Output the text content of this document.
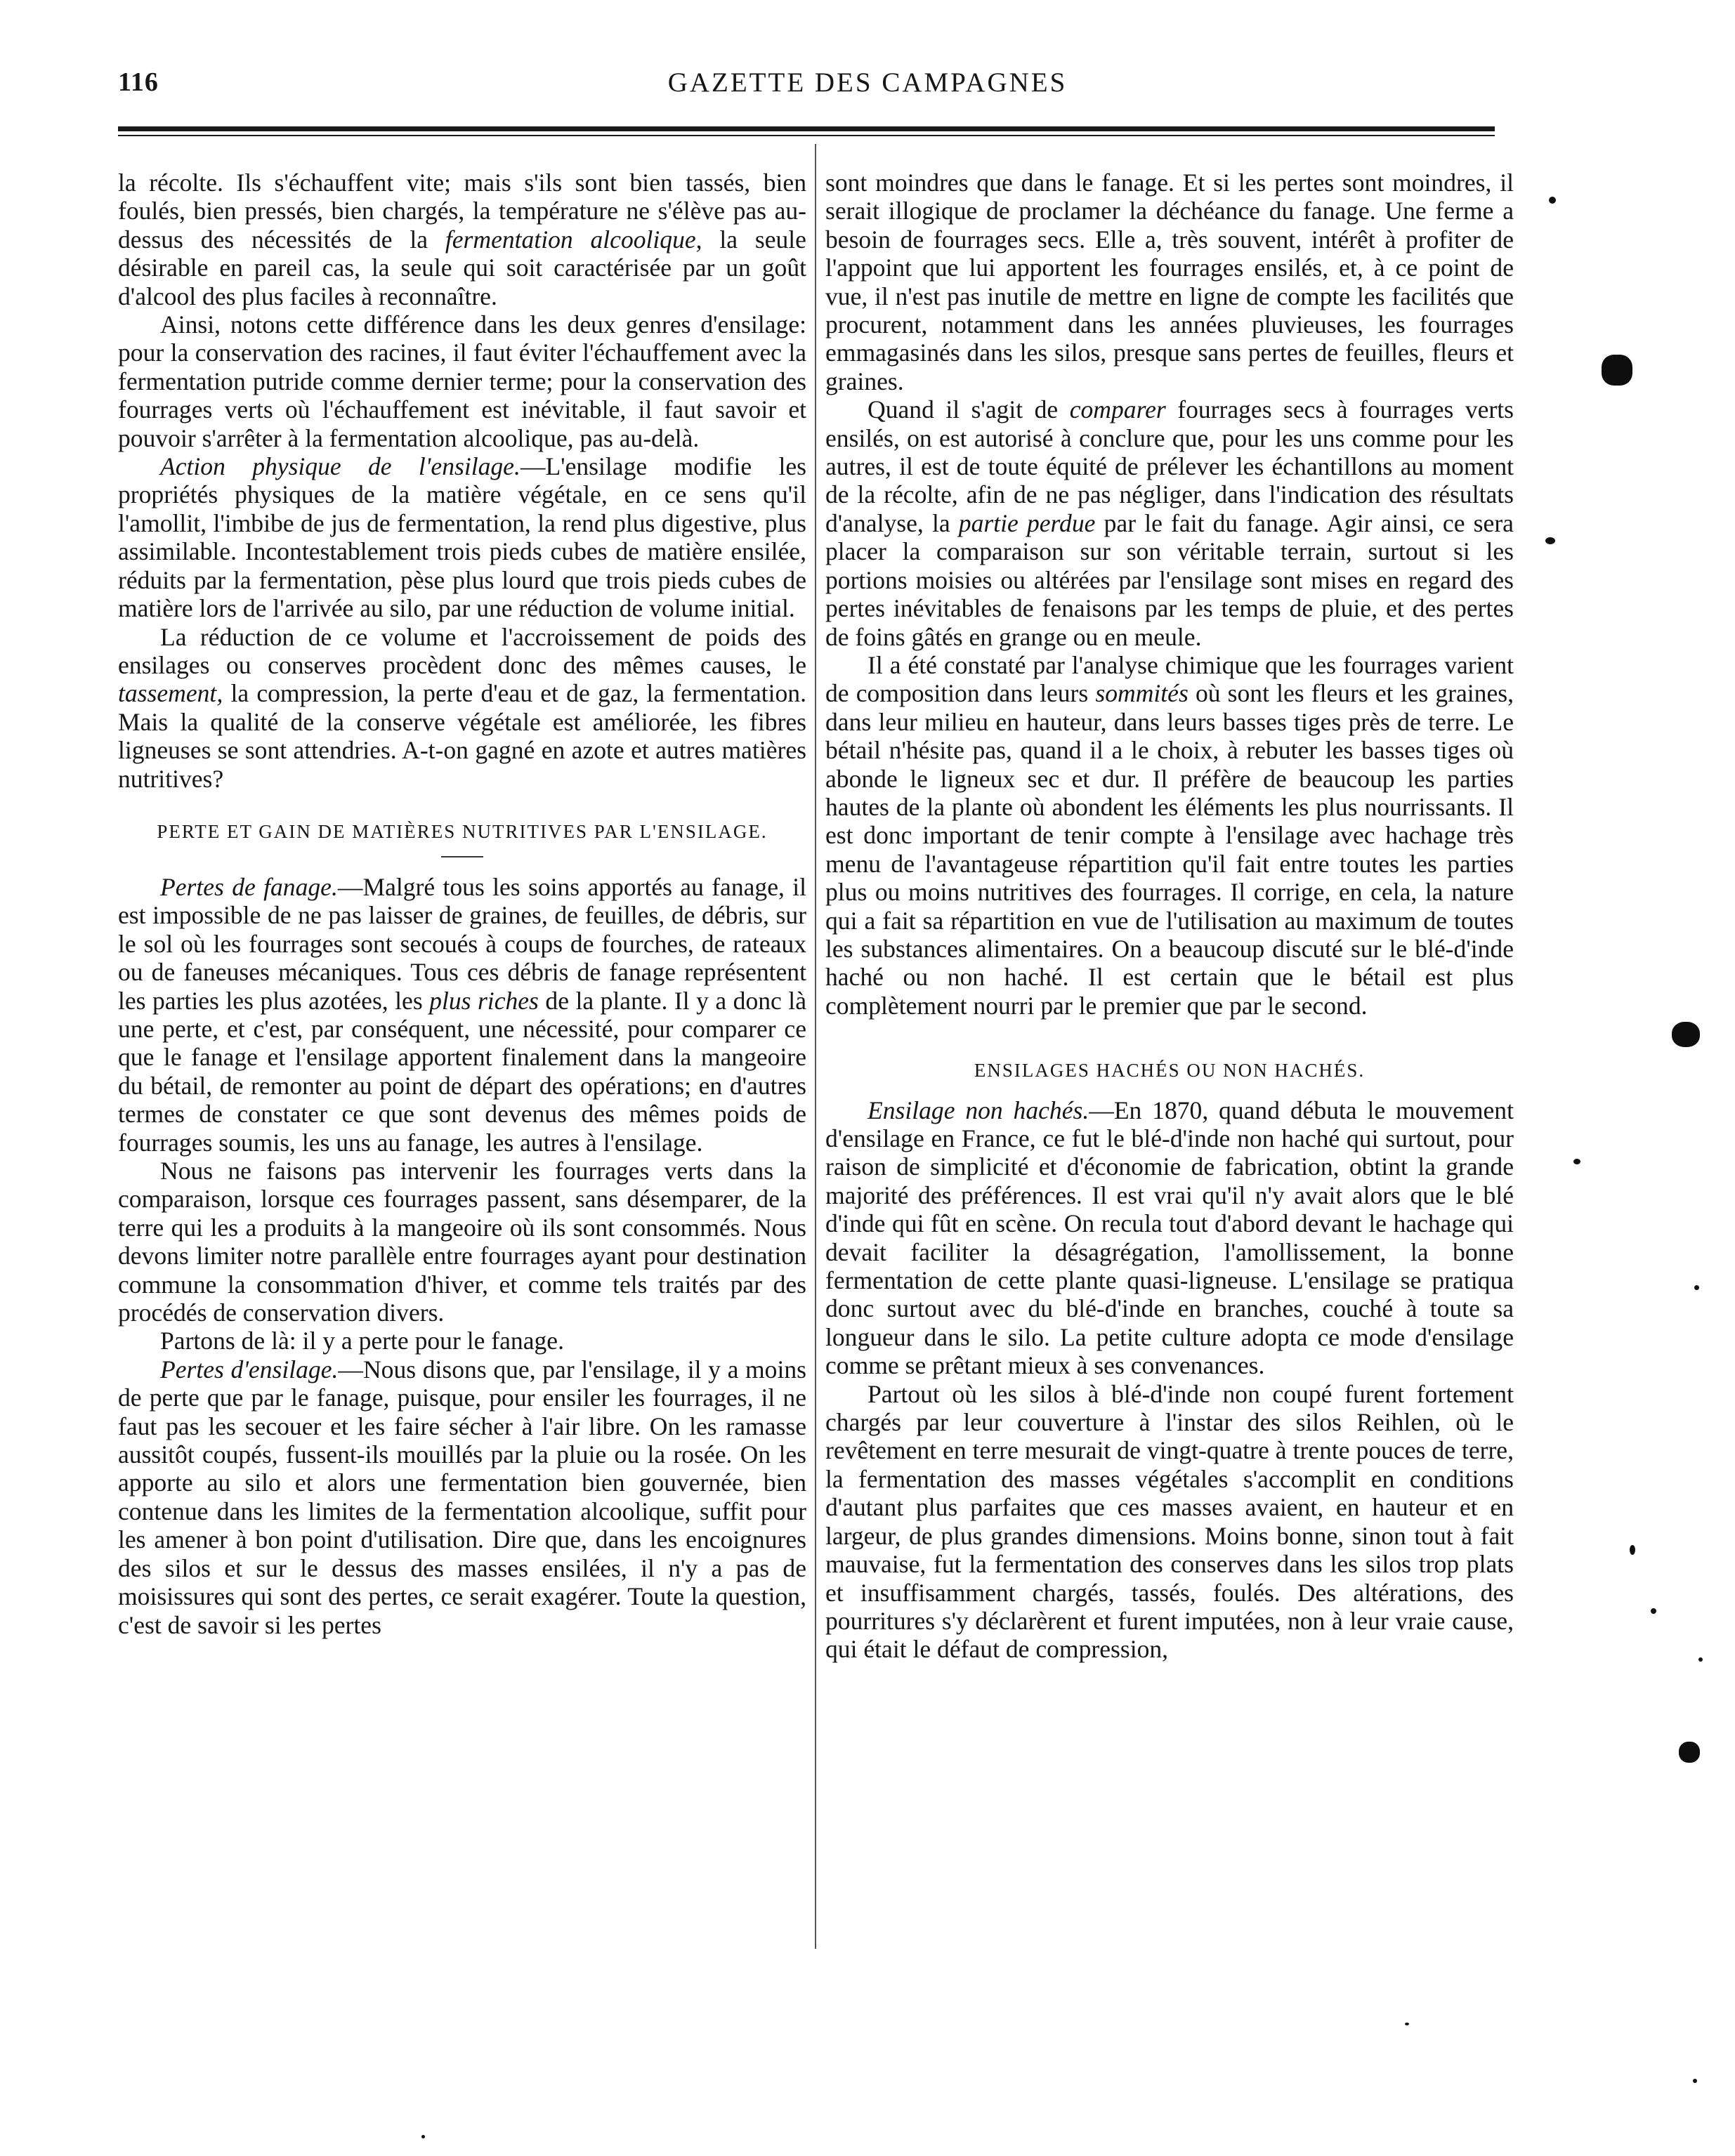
116	GAZETTE DES CAMPAGNES

la récolte. Ils s'échauffent vite; mais s'ils sont bien tassés, bien foulés, bien pressés, bien chargés, la température ne s'élève pas au-dessus des nécessités de la fermentation alcoolique, la seule désirable en pareil cas, la seule qui soit caractérisée par un goût d'alcool des plus faciles à reconnaître.

Ainsi, notons cette différence dans les deux genres d'ensilage: pour la conservation des racines, il faut éviter l'échauffement avec la fermentation putride comme dernier terme; pour la conservation des fourrages verts où l'échauffement est inévitable, il faut savoir et pouvoir s'arrêter à la fermentation alcoolique, pas au-delà.

Action physique de l'ensilage.—L'ensilage modifie les propriétés physiques de la matière végétale, en ce sens qu'il l'amollit, l'imbibe de jus de fermentation, la rend plus digestive, plus assimilable. Incontestablement trois pieds cubes de matière ensilée, réduits par la fermentation, pèse plus lourd que trois pieds cubes de matière lors de l'arrivée au silo, par une réduction de volume initial.

La réduction de ce volume et l'accroissement de poids des ensilages ou conserves procèdent donc des mêmes causes, le tassement, la compression, la perte d'eau et de gaz, la fermentation. Mais la qualité de la conserve végétale est améliorée, les fibres ligneuses se sont attendries. A-t-on gagné en azote et autres matières nutritives?

PERTE ET GAIN DE MATIÈRES NUTRITIVES PAR L'ENSILAGE.

Pertes de fanage.—Malgré tous les soins apportés au fanage, il est impossible de ne pas laisser de graines, de feuilles, de débris, sur le sol où les fourrages sont secoués à coups de fourches, de rateaux ou de faneuses mécaniques. Tous ces débris de fanage représentent les parties les plus azotées, les plus riches de la plante. Il y a donc là une perte, et c'est, par conséquent, une nécessité, pour comparer ce que le fanage et l'ensilage apportent finalement dans la mangeoire du bétail, de remonter au point de départ des opérations; en d'autres termes de constater ce que sont devenus des mêmes poids de fourrages soumis, les uns au fanage, les autres à l'ensilage.

Nous ne faisons pas intervenir les fourrages verts dans la comparaison, lorsque ces fourrages passent, sans désemparer, de la terre qui les a produits à la mangeoire où ils sont consommés. Nous devons limiter notre parallèle entre fourrages ayant pour destination commune la consommation d'hiver, et comme tels traités par des procédés de conservation divers.

Partons de là: il y a perte pour le fanage.

Pertes d'ensilage.—Nous disons que, par l'ensilage, il y a moins de perte que par le fanage, puisque, pour ensiler les fourrages, il ne faut pas les secouer et les faire sécher à l'air libre. On les ramasse aussitôt coupés, fussent-ils mouillés par la pluie ou la rosée. On les apporte au silo et alors une fermentation bien gouvernée, bien contenue dans les limites de la fermentation alcoolique, suffit pour les amener à bon point d'utilisation. Dire que, dans les encoignures des silos et sur le dessus des masses ensilées, il n'y a pas de moisissures qui sont des pertes, ce serait exagérer. Toute la question, c'est de savoir si les pertes

sont moindres que dans le fanage. Et si les pertes sont moindres, il serait illogique de proclamer la déchéance du fanage. Une ferme a besoin de fourrages secs. Elle a, très souvent, intérêt à profiter de l'appoint que lui apportent les fourrages ensilés, et, à ce point de vue, il n'est pas inutile de mettre en ligne de compte les facilités que procurent, notamment dans les années pluvieuses, les fourrages emmagasinés dans les silos, presque sans pertes de feuilles, fleurs et graines.

Quand il s'agit de comparer fourrages secs à fourrages verts ensilés, on est autorisé à conclure que, pour les uns comme pour les autres, il est de toute équité de prélever les échantillons au moment de la récolte, afin de ne pas négliger, dans l'indication des résultats d'analyse, la partie perdue par le fait du fanage. Agir ainsi, ce sera placer la comparaison sur son véritable terrain, surtout si les portions moisies ou altérées par l'ensilage sont mises en regard des pertes inévitables de fenaisons par les temps de pluie, et des pertes de foins gâtés en grange ou en meule.

Il a été constaté par l'analyse chimique que les fourrages varient de composition dans leurs sommités où sont les fleurs et les graines, dans leur milieu en hauteur, dans leurs basses tiges près de terre. Le bétail n'hésite pas, quand il a le choix, à rebuter les basses tiges où abonde le ligneux sec et dur. Il préfère de beaucoup les parties hautes de la plante où abondent les éléments les plus nourrissants. Il est donc important de tenir compte à l'ensilage avec hachage très menu de l'avantageuse répartition qu'il fait entre toutes les parties plus ou moins nutritives des fourrages. Il corrige, en cela, la nature qui a fait sa répartition en vue de l'utilisation au maximum de toutes les substances alimentaires. On a beaucoup discuté sur le blé-d'inde haché ou non haché. Il est certain que le bétail est plus complètement nourri par le premier que par le second.

ENSILAGES HACHÉS OU NON HACHÉS.

Ensilage non hachés.—En 1870, quand débuta le mouvement d'ensilage en France, ce fut le blé-d'inde non haché qui surtout, pour raison de simplicité et d'économie de fabrication, obtint la grande majorité des préférences. Il est vrai qu'il n'y avait alors que le blé d'inde qui fût en scène. On recula tout d'abord devant le hachage qui devait faciliter la désagrégation, l'amollissement, la bonne fermentation de cette plante quasi-ligneuse. L'ensilage se pratiqua donc surtout avec du blé-d'inde en branches, couché à toute sa longueur dans le silo. La petite culture adopta ce mode d'ensilage comme se prêtant mieux à ses convenances.

Partout où les silos à blé-d'inde non coupé furent fortement chargés par leur couverture à l'instar des silos Reihlen, où le revêtement en terre mesurait de vingt-quatre à trente pouces de terre, la fermentation des masses végétales s'accomplit en conditions d'autant plus parfaites que ces masses avaient, en hauteur et en largeur, de plus grandes dimensions. Moins bonne, sinon tout à fait mauvaise, fut la fermentation des conserves dans les silos trop plats et insuffisamment chargés, tassés, foulés. Des altérations, des pourritures s'y déclarèrent et furent imputées, non à leur vraie cause, qui était le défaut de compression,
